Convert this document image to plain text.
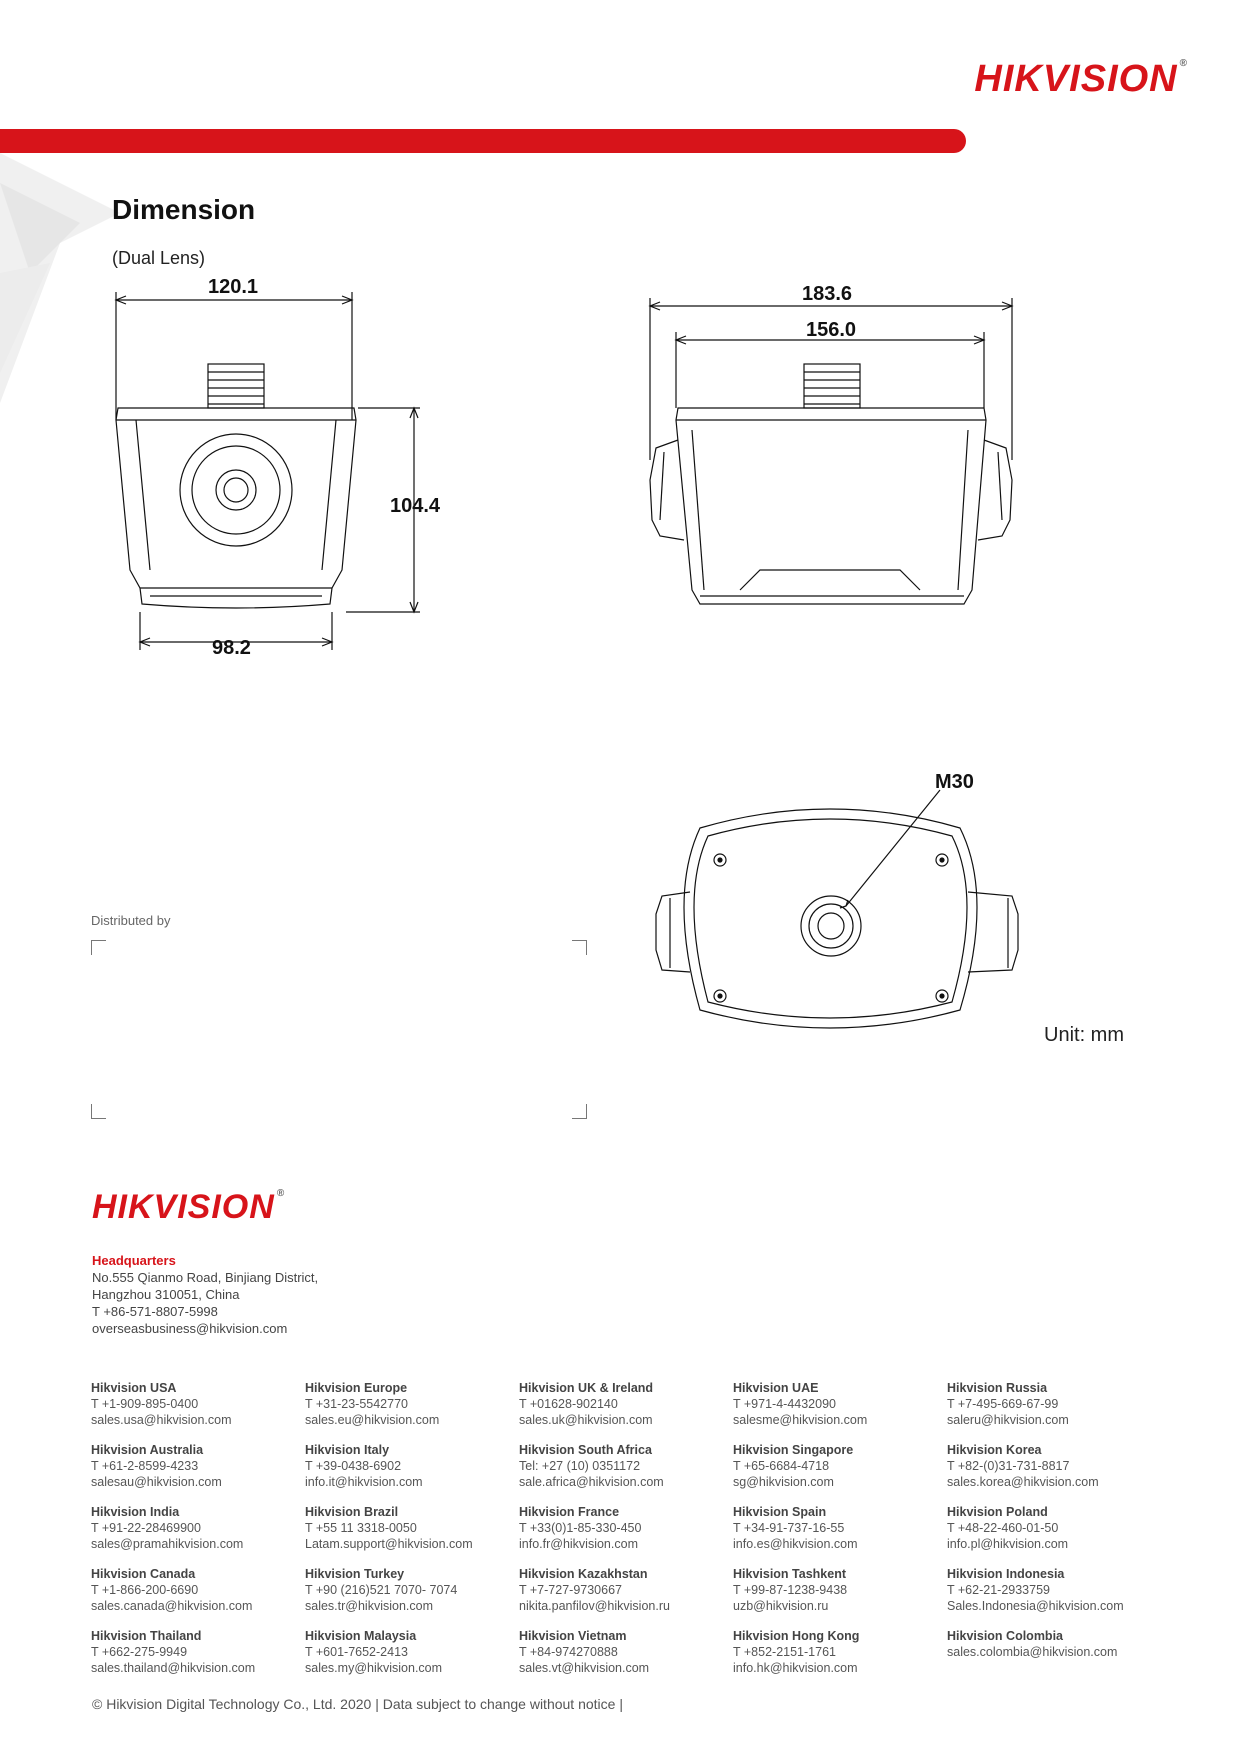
HIKVISION ®
Dimension
(Dual Lens)
120.1
104.4
98.2
183.6
156.0
M30
Unit: mm
Distributed by
HIKVISION ®
Headquarters
No.555 Qianmo Road, Binjiang District,
Hangzhou 310051, China
T +86-571-8807-5998
overseasbusiness@hikvision.com
Hikvision USA
T +1-909-895-0400
sales.usa@hikvision.com
Hikvision Australia
T +61-2-8599-4233
salesau@hikvision.com
Hikvision India
T +91-22-28469900
sales@pramahikvision.com
Hikvision Canada
T +1-866-200-6690
sales.canada@hikvision.com
Hikvision Thailand
T +662-275-9949
sales.thailand@hikvision.com
Hikvision Europe
T +31-23-5542770
sales.eu@hikvision.com
Hikvision Italy
T +39-0438-6902
info.it@hikvision.com
Hikvision Brazil
T +55 11 3318-0050
Latam.support@hikvision.com
Hikvision Turkey
T +90 (216)521 7070- 7074
sales.tr@hikvision.com
Hikvision Malaysia
T +601-7652-2413
sales.my@hikvision.com
Hikvision UK & Ireland
T +01628-902140
sales.uk@hikvision.com
Hikvision South Africa
Tel: +27 (10) 0351172
sale.africa@hikvision.com
Hikvision France
T +33(0)1-85-330-450
info.fr@hikvision.com
Hikvision Kazakhstan
T +7-727-9730667
nikita.panfilov@hikvision.ru
Hikvision Vietnam
T +84-974270888
sales.vt@hikvision.com
Hikvision UAE
T +971-4-4432090
salesme@hikvision.com
Hikvision Singapore
T +65-6684-4718
sg@hikvision.com
Hikvision Spain
T +34-91-737-16-55
info.es@hikvision.com
Hikvision Tashkent
T +99-87-1238-9438
uzb@hikvision.ru
Hikvision Hong Kong
T +852-2151-1761
info.hk@hikvision.com
Hikvision Russia
T +7-495-669-67-99
saleru@hikvision.com
Hikvision Korea
T +82-(0)31-731-8817
sales.korea@hikvision.com
Hikvision Poland
T +48-22-460-01-50
info.pl@hikvision.com
Hikvision Indonesia
T +62-21-2933759
Sales.Indonesia@hikvision.com
Hikvision Colombia
sales.colombia@hikvision.com
© Hikvision Digital Technology Co., Ltd. 2020 | Data subject to change without notice |
